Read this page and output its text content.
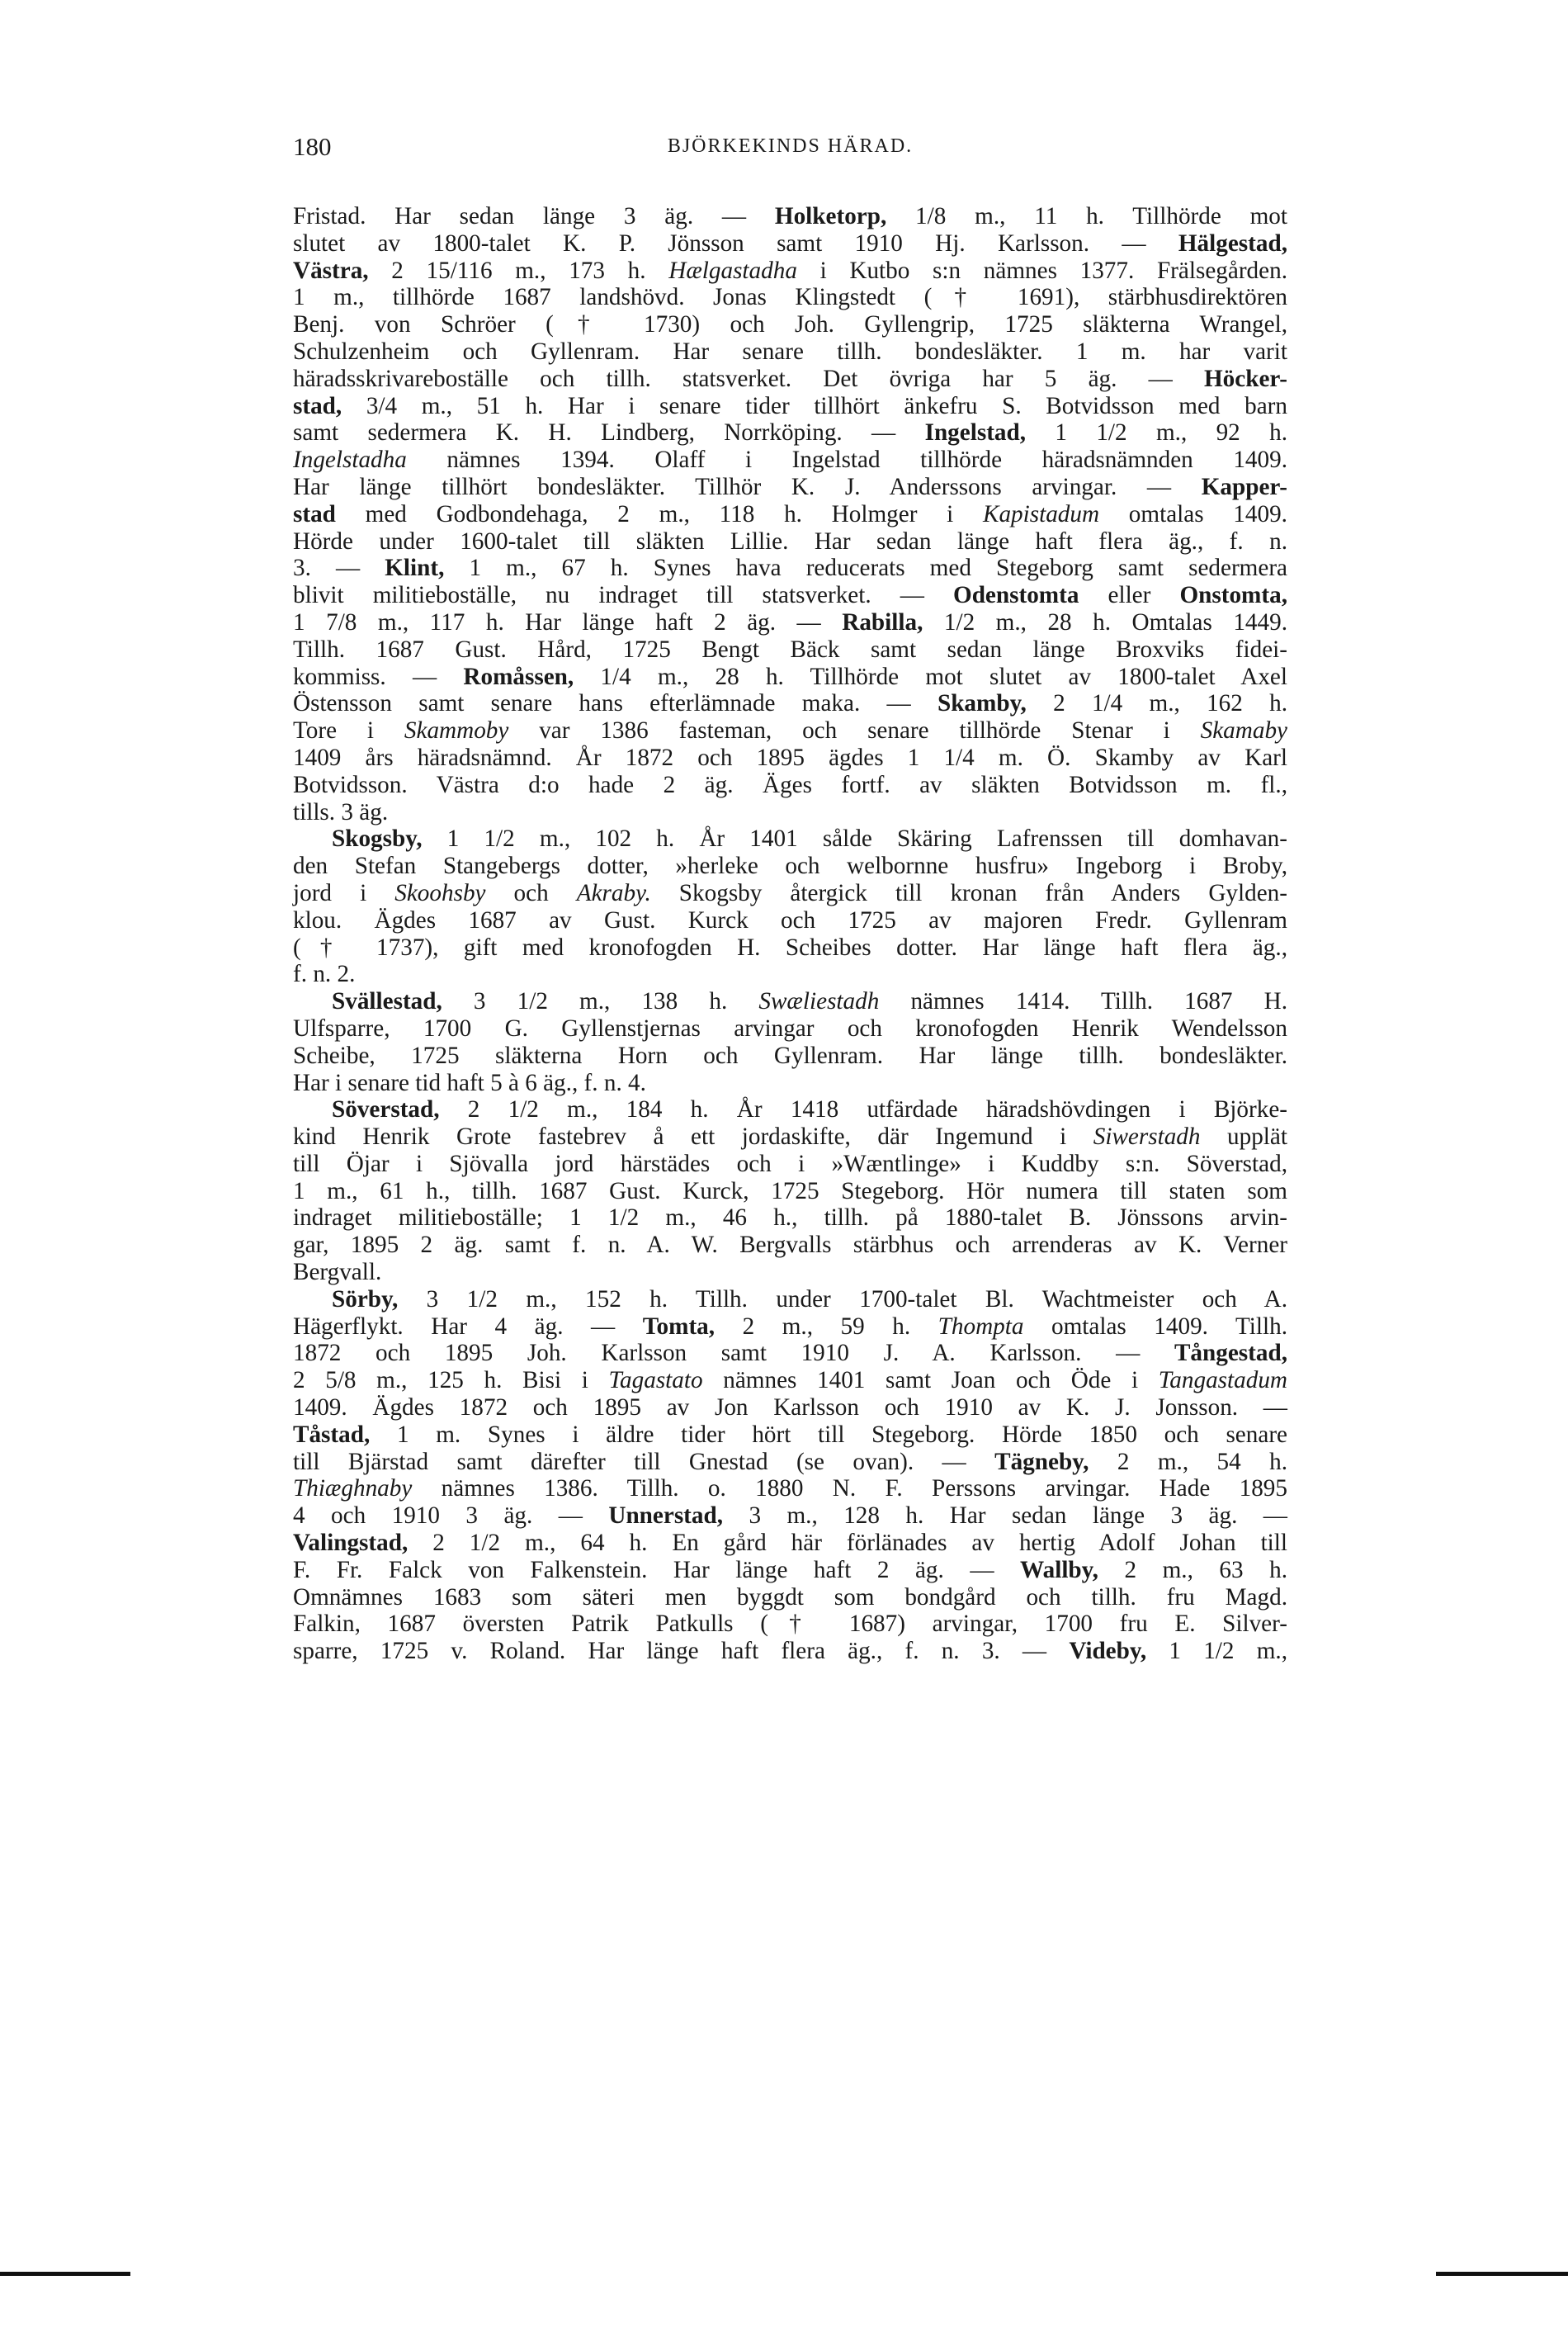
180	BJÖRKEKINDS HÄRAD.
Fristad. Har sedan länge 3 äg. — Holketorp, 1/8 m., 11 h. Tillhörde mot
slutet av 1800-talet K. P. Jönsson samt 1910 Hj. Karlsson. — Hälgestad,
Västra, 2 15/116 m., 173 h. Hælgastadha i Kutbo s:n nämnes 1377. Frälsegården.
1 m., tillhörde 1687 landshövd. Jonas Klingstedt († 1691), stärbhusdirektören
Benj. von Schröer († 1730) och Joh. Gyllengrip, 1725 släkterna Wrangel,
Schulzenheim och Gyllenram. Har senare tillh. bondesläkter. 1 m. har varit
häradsskrivareboställe och tillh. statsverket. Det övriga har 5 äg. — Höcker-
stad, 3/4 m., 51 h. Har i senare tider tillhört änkefru S. Botvidsson med barn
samt sedermera K. H. Lindberg, Norrköping. — Ingelstad, 1 1/2 m., 92 h.
Ingelstadha nämnes 1394. Olaff i Ingelstad tillhörde häradsnämnden 1409.
Har länge tillhört bondesläkter. Tillhör K. J. Anderssons arvingar. — Kapper-
stad med Godbondehaga, 2 m., 118 h. Holmger i Kapistadum omtalas 1409.
Hörde under 1600-talet till släkten Lillie. Har sedan länge haft flera äg., f. n.
3. — Klint, 1 m., 67 h. Synes hava reducerats med Stegeborg samt sedermera
blivit militieboställe, nu indraget till statsverket. — Odenstomta eller Onstomta,
1 7/8 m., 117 h. Har länge haft 2 äg. — Rabilla, 1/2 m., 28 h. Omtalas 1449.
Tillh. 1687 Gust. Hård, 1725 Bengt Bäck samt sedan länge Broxviks fidei-
kommiss. — Romåssen, 1/4 m., 28 h. Tillhörde mot slutet av 1800-talet Axel
Östensson samt senare hans efterlämnade maka. — Skamby, 2 1/4 m., 162 h.
Tore i Skammoby var 1386 fasteman, och senare tillhörde Stenar i Skamaby
1409 års häradsnämnd. År 1872 och 1895 ägdes 1 1/4 m. Ö. Skamby av Karl
Botvidsson. Västra d:o hade 2 äg. Äges fortf. av släkten Botvidsson m. fl.,
tills. 3 äg.
Skogsby, 1 1/2 m., 102 h. År 1401 sålde Skäring Lafrenssen till domhavan-
den Stefan Stangebergs dotter, »herleke och welbornne husfru» Ingeborg i Broby,
jord i Skoohsby och Akraby. Skogsby återgick till kronan från Anders Gylden-
klou. Ägdes 1687 av Gust. Kurck och 1725 av majoren Fredr. Gyllenram
(† 1737), gift med kronofogden H. Scheibes dotter. Har länge haft flera äg.,
f. n. 2.
Svällestad, 3 1/2 m., 138 h. Swæliestadh nämnes 1414. Tillh. 1687 H.
Ulfsparre, 1700 G. Gyllenstjernas arvingar och kronofogden Henrik Wendelsson
Scheibe, 1725 släkterna Horn och Gyllenram. Har länge tillh. bondesläkter.
Har i senare tid haft 5 à 6 äg., f. n. 4.
Söverstad, 2 1/2 m., 184 h. År 1418 utfärdade häradshövdingen i Björke-
kind Henrik Grote fastebrev å ett jordaskifte, där Ingemund i Siwerstadh upplät
till Öjar i Sjövalla jord härstädes och i »Wæntlinge» i Kuddby s:n. Söverstad,
1 m., 61 h., tillh. 1687 Gust. Kurck, 1725 Stegeborg. Hör numera till staten som
indraget militieboställe; 1 1/2 m., 46 h., tillh. på 1880-talet B. Jönssons arvin-
gar, 1895 2 äg. samt f. n. A. W. Bergvalls stärbhus och arrenderas av K. Verner
Bergvall.
Sörby, 3 1/2 m., 152 h. Tillh. under 1700-talet Bl. Wachtmeister och A.
Hägerflykt. Har 4 äg. — Tomta, 2 m., 59 h. Thompta omtalas 1409. Tillh.
1872 och 1895 Joh. Karlsson samt 1910 J. A. Karlsson. — Tångestad,
2 5/8 m., 125 h. Bisi i Tagastato nämnes 1401 samt Joan och Öde i Tangastadum
1409. Ägdes 1872 och 1895 av Jon Karlsson och 1910 av K. J. Jonsson. —
Tåstad, 1 m. Synes i äldre tider hört till Stegeborg. Hörde 1850 och senare
till Bjärstad samt därefter till Gnestad (se ovan). — Tägneby, 2 m., 54 h.
Thiæghnaby nämnes 1386. Tillh. o. 1880 N. F. Perssons arvingar. Hade 1895
4 och 1910 3 äg. — Unnerstad, 3 m., 128 h. Har sedan länge 3 äg. —
Valingstad, 2 1/2 m., 64 h. En gård här förlänades av hertig Adolf Johan till
F. Fr. Falck von Falkenstein. Har länge haft 2 äg. — Wallby, 2 m., 63 h.
Omnämnes 1683 som säteri men byggdt som bondgård och tillh. fru Magd.
Falkin, 1687 översten Patrik Patkulls († 1687) arvingar, 1700 fru E. Silver-
sparre, 1725 v. Roland. Har länge haft flera äg., f. n. 3. — Videby, 1 1/2 m.,
